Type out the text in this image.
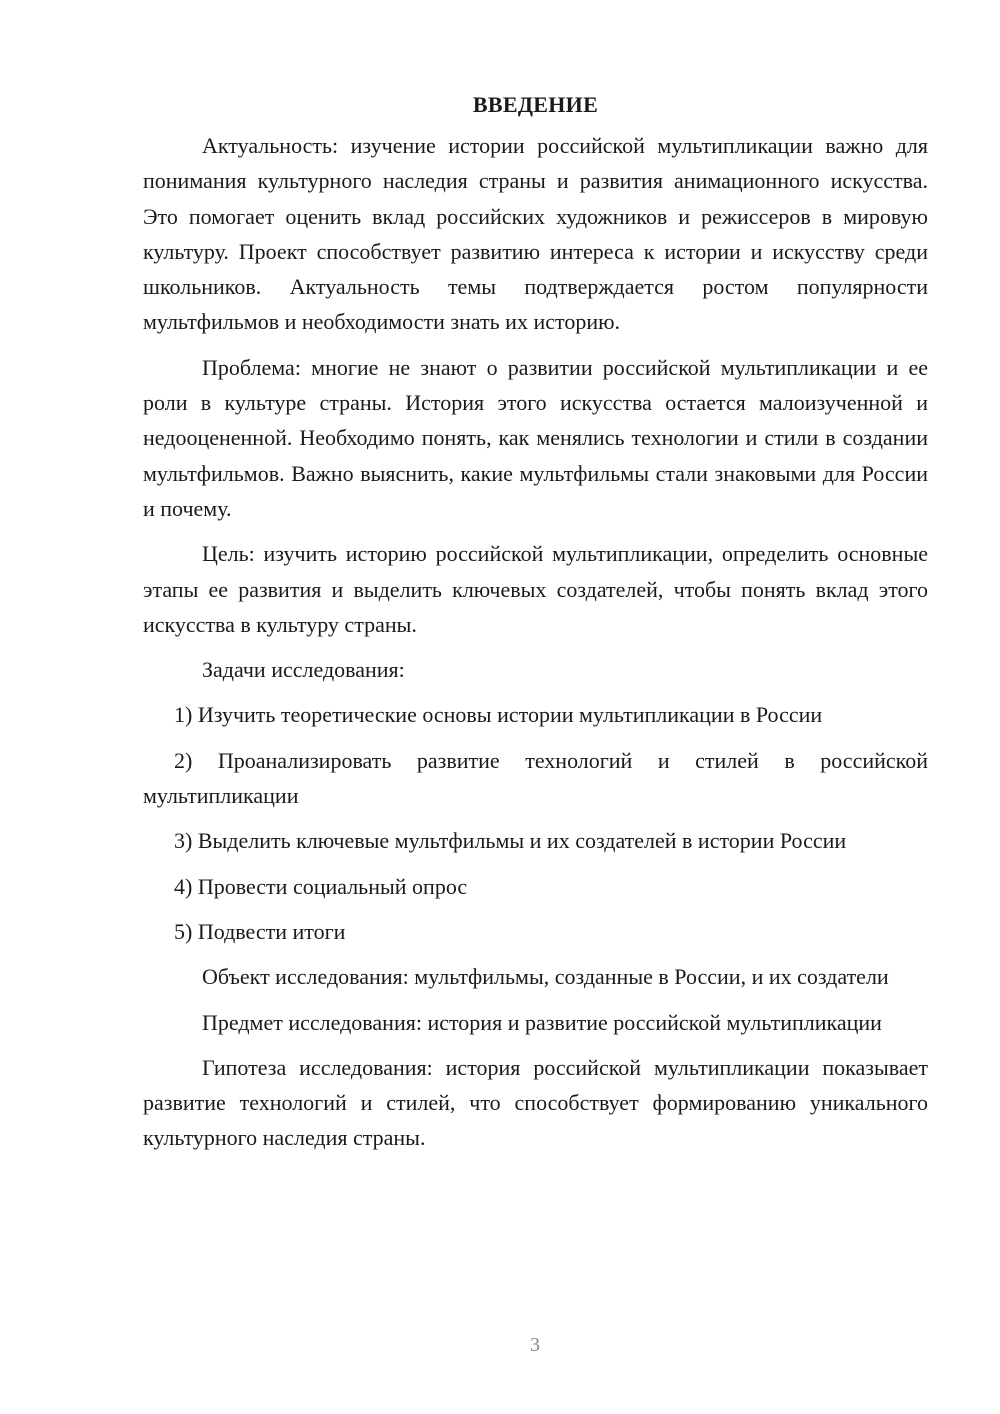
ВВЕДЕНИЕ

Актуальность: изучение истории российской мультипликации важно для понимания культурного наследия страны и развития анимационного искусства. Это помогает оценить вклад российских художников и режиссеров в мировую культуру. Проект способствует развитию интереса к истории и искусству среди школьников. Актуальность темы подтверждается ростом популярности мультфильмов и необходимости знать их историю.

Проблема: многие не знают о развитии российской мультипликации и ее роли в культуре страны. История этого искусства остается малоизученной и недооцененной. Необходимо понять, как менялись технологии и стили в создании мультфильмов. Важно выяснить, какие мультфильмы стали знаковыми для России и почему.

Цель: изучить историю российской мультипликации, определить основные этапы ее развития и выделить ключевых создателей, чтобы понять вклад этого искусства в культуру страны.

Задачи исследования:

1) Изучить теоретические основы истории мультипликации в России

2) Проанализировать развитие технологий и стилей в российской мультипликации

3) Выделить ключевые мультфильмы и их создателей в истории России

4) Провести социальный опрос

5) Подвести итоги

Объект исследования: мультфильмы, созданные в России, и их создатели

Предмет исследования: история и развитие российской мультипликации

Гипотеза исследования: история российской мультипликации показывает развитие технологий и стилей, что способствует формированию уникального культурного наследия страны.

3
